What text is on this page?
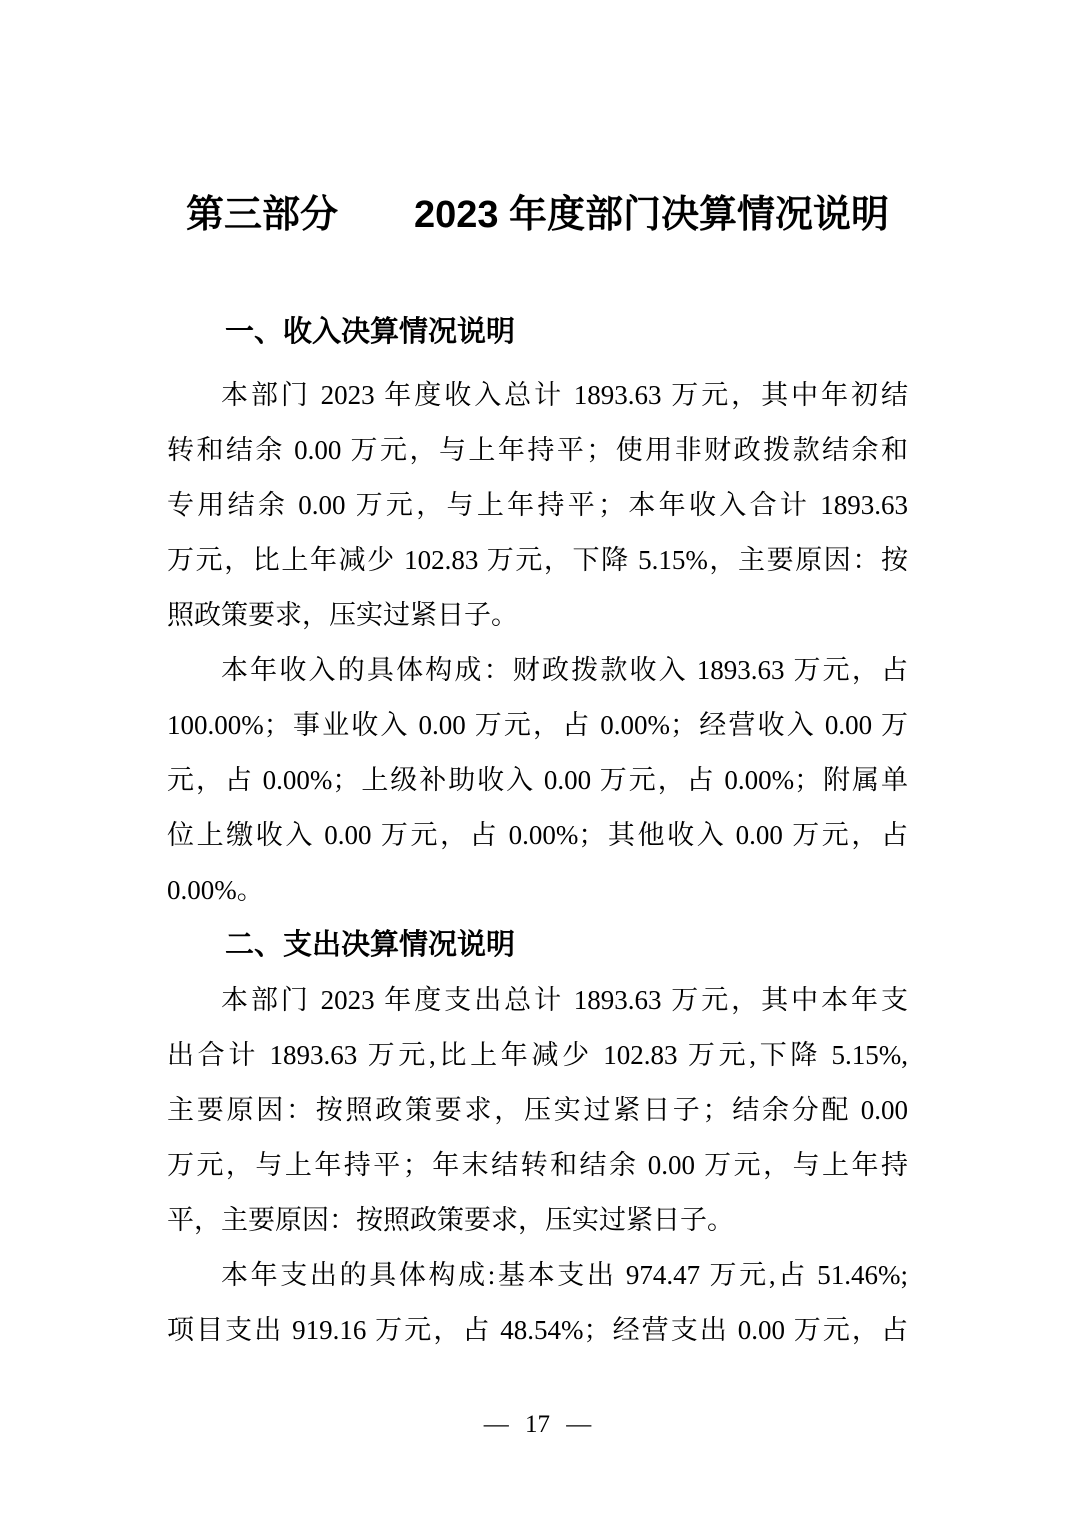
第三部分　　2023 年度部门决算情况说明
一、收入决算情况说明
本部门 2023 年度收入总计 1893.63 万元，其中年初结
转和结余 0.00 万元，与上年持平；使用非财政拨款结余和
专用结余 0.00 万元，与上年持平；本年收入合计 1893.63
万元，比上年减少 102.83 万元，下降 5.15%，主要原因：按
照政策要求，压实过紧日子。
本年收入的具体构成：财政拨款收入 1893.63 万元，占
100.00%；事业收入 0.00 万元，占 0.00%；经营收入 0.00 万
元，占 0.00%；上级补助收入 0.00 万元，占 0.00%；附属单
位上缴收入 0.00 万元，占 0.00%；其他收入 0.00 万元，占
0.00%。
二、支出决算情况说明
本部门 2023 年度支出总计 1893.63 万元，其中本年支
出合计 1893.63 万元,比上年减少 102.83 万元,下降 5.15%,
主要原因：按照政策要求，压实过紧日子；结余分配 0.00
万元，与上年持平；年末结转和结余 0.00 万元，与上年持
平，主要原因：按照政策要求，压实过紧日子。
本年支出的具体构成:基本支出 974.47 万元,占 51.46%;
项目支出 919.16 万元，占 48.54%；经营支出 0.00 万元，占
— 17 —
